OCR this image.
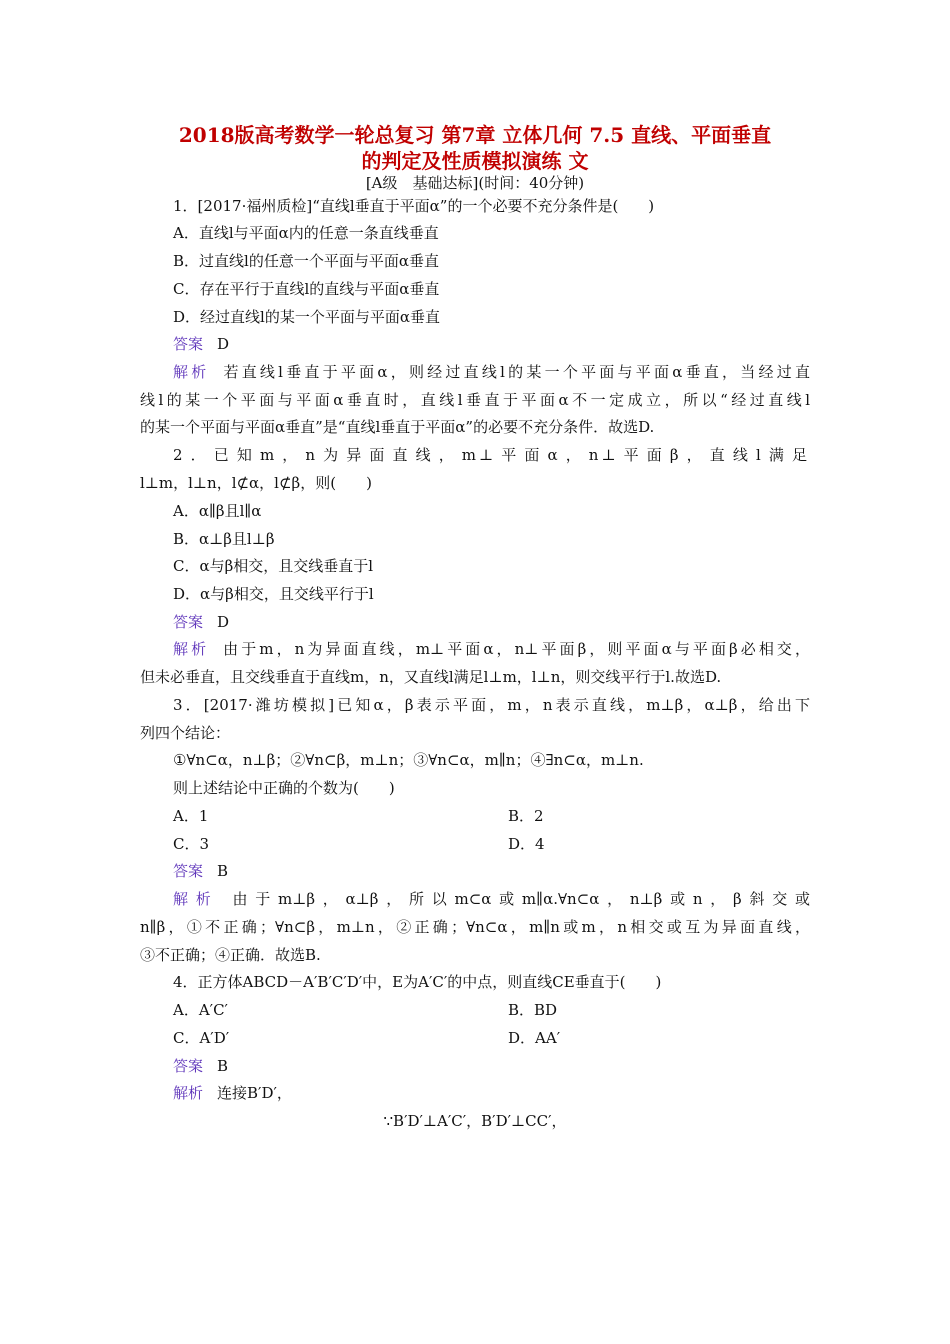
2018版高考数学一轮总复习 第7章 立体几何 7.5 直线、平面垂直
的判定及性质模拟演练 文
[A级　基础达标](时间：40分钟)
1．[2017·福州质检]“直线l垂直于平面α”的一个必要不充分条件是(　　)
A．直线l与平面α内的任意一条直线垂直
B．过直线l的任意一个平面与平面α垂直
C．存在平行于直线l的直线与平面α垂直
D．经过直线l的某一个平面与平面α垂直
答案 D
解析 若直线l垂直于平面α，则经过直线l的某一个平面与平面α垂直，当经过直
线l的某一个平面与平面α垂直时，直线l垂直于平面α不一定成立，所以“经过直线l
的某一个平面与平面α垂直”是“直线l垂直于平面α”的必要不充分条件．故选D.
2．已知m，n为异面直线，m⊥平面α，n⊥平面β，直线l满足
l⊥m，l⊥n，l⊄α，l⊄β，则(　　)
A．α∥β且l∥α
B．α⊥β且l⊥β
C．α与β相交，且交线垂直于l
D．α与β相交，且交线平行于l
答案 D
解析 由于m，n为异面直线，m⊥平面α，n⊥平面β，则平面α与平面β必相交，
但未必垂直，且交线垂直于直线m，n，又直线l满足l⊥m，l⊥n，则交线平行于l.故选D.
3．[2017·潍坊模拟]已知α，β表示平面，m，n表示直线，m⊥β，α⊥β，给出下
列四个结论：
①∀n⊂α，n⊥β；②∀n⊂β，m⊥n；③∀n⊂α，m∥n；④∃n⊂α，m⊥n.
则上述结论中正确的个数为(　　)
A．1	B．2
C．3	D．4
答案 B
解析 由于m⊥β，α⊥β，所以m⊂α或m∥α.∀n⊂α，n⊥β或n，β斜交或
n∥β，①不正确；∀n⊂β，m⊥n，②正确；∀n⊂α，m∥n或m，n相交或互为异面直线，
③不正确；④正确．故选B.
4．正方体ABCD－A′B′C′D′中，E为A′C′的中点，则直线CE垂直于(　　)
A．A′C′	B．BD
C．A′D′	D．AA′
答案 B
解析 连接B′D′，
∵B′D′⊥A′C′，B′D′⊥CC′，
